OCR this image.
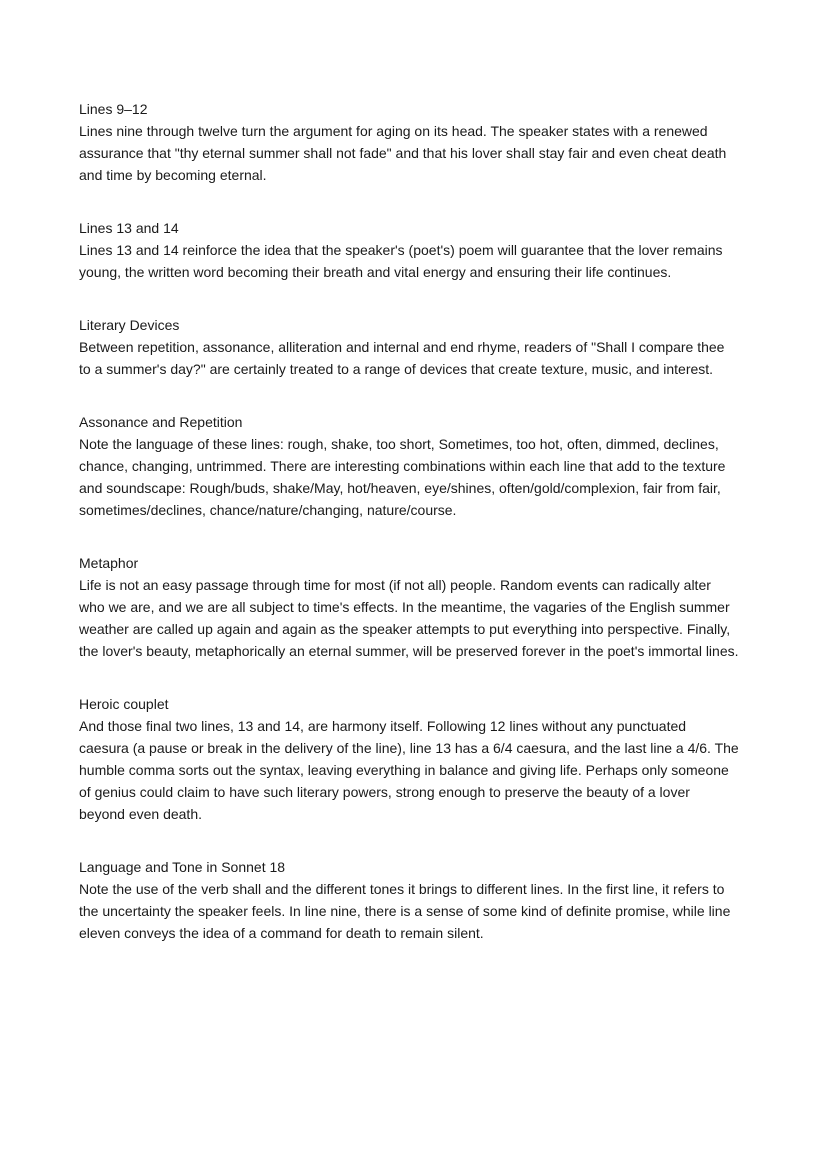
Lines 9–12

Lines nine through twelve turn the argument for aging on its head. The speaker states with a renewed assurance that "thy eternal summer shall not fade" and that his lover shall stay fair and even cheat death and time by becoming eternal.

Lines 13 and 14

Lines 13 and 14 reinforce the idea that the speaker's (poet's) poem will guarantee that the lover remains young, the written word becoming their breath and vital energy and ensuring their life continues.

Literary Devices

Between repetition, assonance, alliteration and internal and end rhyme, readers of "Shall I compare thee to a summer's day?" are certainly treated to a range of devices that create texture, music, and interest.

Assonance and Repetition

Note the language of these lines: rough, shake, too short, Sometimes, too hot, often, dimmed, declines, chance, changing, untrimmed. There are interesting combinations within each line that add to the texture and soundscape: Rough/buds, shake/May, hot/heaven, eye/shines, often/gold/complexion, fair from fair, sometimes/declines, chance/nature/changing, nature/course.

Metaphor

Life is not an easy passage through time for most (if not all) people. Random events can radically alter who we are, and we are all subject to time's effects. In the meantime, the vagaries of the English summer weather are called up again and again as the speaker attempts to put everything into perspective. Finally, the lover's beauty, metaphorically an eternal summer, will be preserved forever in the poet's immortal lines.

Heroic couplet

And those final two lines, 13 and 14, are harmony itself. Following 12 lines without any punctuated caesura (a pause or break in the delivery of the line), line 13 has a 6/4 caesura, and the last line a 4/6. The humble comma sorts out the syntax, leaving everything in balance and giving life. Perhaps only someone of genius could claim to have such literary powers, strong enough to preserve the beauty of a lover beyond even death.

Language and Tone in Sonnet 18

Note the use of the verb shall and the different tones it brings to different lines. In the first line, it refers to the uncertainty the speaker feels. In line nine, there is a sense of some kind of definite promise, while line eleven conveys the idea of a command for death to remain silent.
